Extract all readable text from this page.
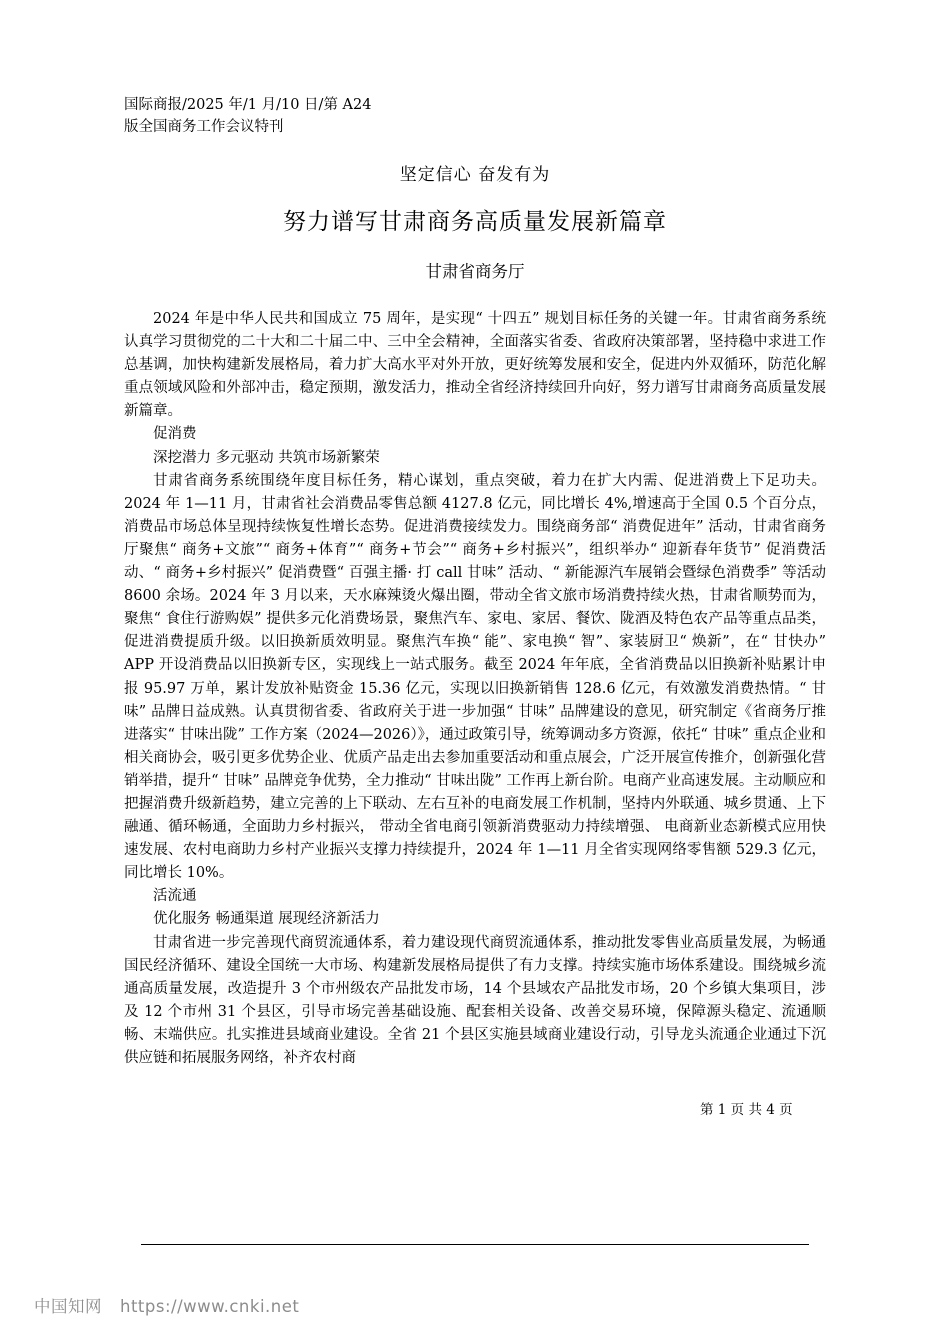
国际商报/2025 年/1 月/10 日/第 A24
版全国商务工作会议特刊
坚定信心 奋发有为
努力谱写甘肃商务高质量发展新篇章
甘肃省商务厅

2024 年是中华人民共和国成立 75 周年，是实现“ 十四五” 规划目标任务的关键一年。甘肃省商务系统认真学习贯彻党的二十大和二十届二中、三中全会精神，全面落实省委、省政府决策部署，坚持稳中求进工作总基调，加快构建新发展格局，着力扩大高水平对外开放，更好统筹发展和安全，促进内外双循环，防范化解重点领域风险和外部冲击，稳定预期，激发活力，推动全省经济持续回升向好，努力谱写甘肃商务高质量发展新篇章。

促消费

深挖潜力 多元驱动 共筑市场新繁荣

甘肃省商务系统围绕年度目标任务，精心谋划，重点突破，着力在扩大内需、促进消费上下足功夫。2024 年 1—11 月，甘肃省社会消费品零售总额 4127.8 亿元，同比增长 4%,增速高于全国 0.5 个百分点，消费品市场总体呈现持续恢复性增长态势。促进消费接续发力。围绕商务部“ 消费促进年” 活动，甘肃省商务厅聚焦“ 商务+文旅”“ 商务+体育”“ 商务+节会”“ 商务+乡村振兴”，组织举办“ 迎新春年货节” 促消费活动、“ 商务+乡村振兴” 促消费暨“ 百强主播· 打 call 甘味” 活动、“ 新能源汽车展销会暨绿色消费季” 等活动 8600 余场。2024 年 3 月以来，天水麻辣烫火爆出圈，带动全省文旅市场消费持续火热，甘肃省顺势而为，聚焦“ 食住行游购娱” 提供多元化消费场景，聚焦汽车、家电、家居、餐饮、陇酒及特色农产品等重点品类，促进消费提质升级。以旧换新质效明显。聚焦汽车换“ 能”、家电换“ 智”、家装厨卫“ 焕新”，在“ 甘快办” APP 开设消费品以旧换新专区，实现线上一站式服务。截至 2024 年年底，全省消费品以旧换新补贴累计申报 95.97 万单，累计发放补贴资金 15.36 亿元，实现以旧换新销售 128.6 亿元，有效激发消费热情。“ 甘味” 品牌日益成熟。认真贯彻省委、省政府关于进一步加强“ 甘味” 品牌建设的意见，研究制定《省商务厅推进落实“ 甘味出陇” 工作方案（2024—2026）》，通过政策引导，统筹调动多方资源，依托“ 甘味” 重点企业和相关商协会，吸引更多优势企业、优质产品走出去参加重要活动和重点展会，广泛开展宣传推介，创新强化营销举措，提升“ 甘味” 品牌竞争优势，全力推动“ 甘味出陇” 工作再上新台阶。电商产业高速发展。主动顺应和把握消费升级新趋势，建立完善的上下联动、左右互补的电商发展工作机制，坚持内外联通、城乡贯通、上下融通、循环畅通，全面助力乡村振兴， 带动全省电商引领新消费驱动力持续增强、 电商新业态新模式应用快速发展、农村电商助力乡村产业振兴支撑力持续提升，2024 年 1—11 月全省实现网络零售额 529.3 亿元，同比增长 10%。

活流通

优化服务 畅通渠道 展现经济新活力

甘肃省进一步完善现代商贸流通体系，着力建设现代商贸流通体系，推动批发零售业高质量发展，为畅通国民经济循环、建设全国统一大市场、构建新发展格局提供了有力支撑。持续实施市场体系建设。围绕城乡流通高质量发展，改造提升 3 个市州级农产品批发市场，14 个县域农产品批发市场，20 个乡镇大集项目，涉及 12 个市州 31 个县区，引导市场完善基础设施、配套相关设备、改善交易环境，保障源头稳定、流通顺畅、末端供应。扎实推进县域商业建设。全省 21 个县区实施县域商业建设行动，引导龙头流通企业通过下沉供应链和拓展服务网络，补齐农村商

第 1 页 共 4 页
中国知网 https://www.cnki.net
